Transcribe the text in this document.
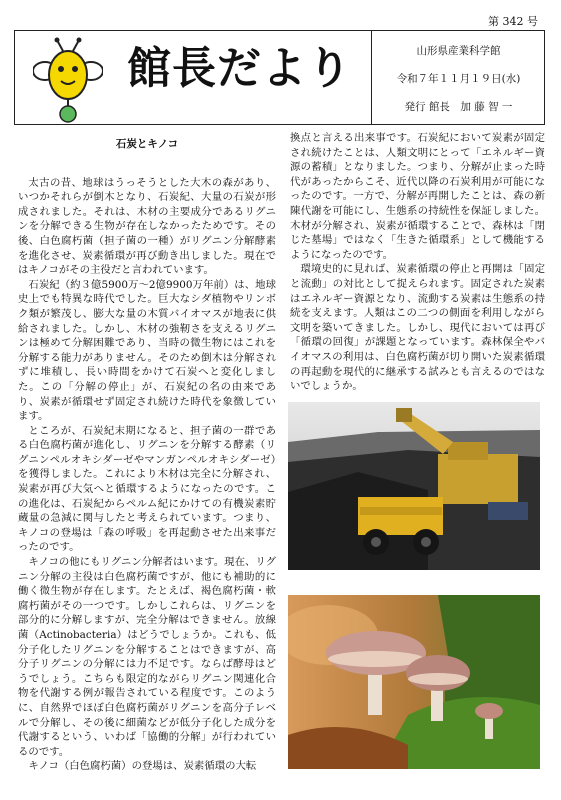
第 342 号
館長だより	山形県産業科学館
令和７年１１月１９日(水)
発行 館長　加 藤 智 一
石炭とキノコ

太古の昔、地球はうっそうとした大木の森があり、いつかそれらが倒木となり、石炭紀、大量の石炭が形成されました。それは、木材の主要成分であるリグニンを分解できる生物が存在しなかったためです。その後、白色腐朽菌（担子菌の一種）がリグニン分解酵素を進化させ、炭素循環が再び動き出しました。現在ではキノコがその主役だと言われています。

石炭紀（約３億5900万〜2億9900万年前）は、地球史上でも特異な時代でした。巨大なシダ植物やリンボク類が繁茂し、膨大な量の木質バイオマスが地表に供給されました。しかし、木材の強靭さを支えるリグニンは極めて分解困難であり、当時の微生物にはこれを分解する能力がありません。そのため倒木は分解されずに堆積し、長い時間をかけて石炭へと変化しました。この「分解の停止」が、石炭紀の名の由来であり、炭素が循環せず固定され続けた時代を象徴しています。

ところが、石炭紀末期になると、担子菌の一群である白色腐朽菌が進化し、リグニンを分解する酵素（リグニンペルオキシダーゼやマンガンペルオキシダーゼ）を獲得しました。これにより木材は完全に分解され、炭素が再び大気へと循環するようになったのです。この進化は、石炭紀からペルム紀にかけての有機炭素貯蔵量の急減に関与したと考えられています。つまり、キノコの登場は「森の呼吸」を再起動させた出来事だったのです。

キノコの他にもリグニン分解者はいます。現在、リグニン分解の主役は白色腐朽菌ですが、他にも補助的に働く微生物が存在します。たとえば、褐色腐朽菌・軟腐朽菌がその一つです。しかしこれらは、リグニンを部分的に分解しますが、完全分解はできません。放線菌（Actinobacteria）はどうでしょうか。これも、低分子化したリグニンを分解することはできますが、高分子リグニンの分解には力不足です。ならば酵母はどうでしょう。こちらも限定的ながらリグニン関連化合物を代謝する例が報告されている程度です。このように、自然界でほぼ白色腐朽菌がリグニンを高分子レベルで分解し、その後に細菌などが低分子化した成分を代謝するという、いわば「協働的分解」が行われているのです。

キノコ（白色腐朽菌）の登場は、炭素循環の大転

換点と言える出来事です。石炭紀において炭素が固定され続けたことは、人類文明にとって「エネルギー資源の蓄積」となりました。つまり、分解が止まった時代があったからこそ、近代以降の石炭利用が可能になったのです。一方で、分解が再開したことは、森の新陳代謝を可能にし、生態系の持続性を保証しました。木材が分解され、炭素が循環することで、森林は「閉じた墓場」ではなく「生きた循環系」として機能するようになったのです。

環境史的に見れば、炭素循環の停止と再開は「固定と流動」の対比として捉えられます。固定された炭素はエネルギー資源となり、流動する炭素は生態系の持続を支えます。人類はこの二つの側面を利用しながら文明を築いてきました。しかし、現代においては再び「循環の回復」が課題となっています。森林保全やバイオマスの利用は、白色腐朽菌が切り開いた炭素循環の再起動を現代的に継承する試みとも言えるのではないでしょうか。
